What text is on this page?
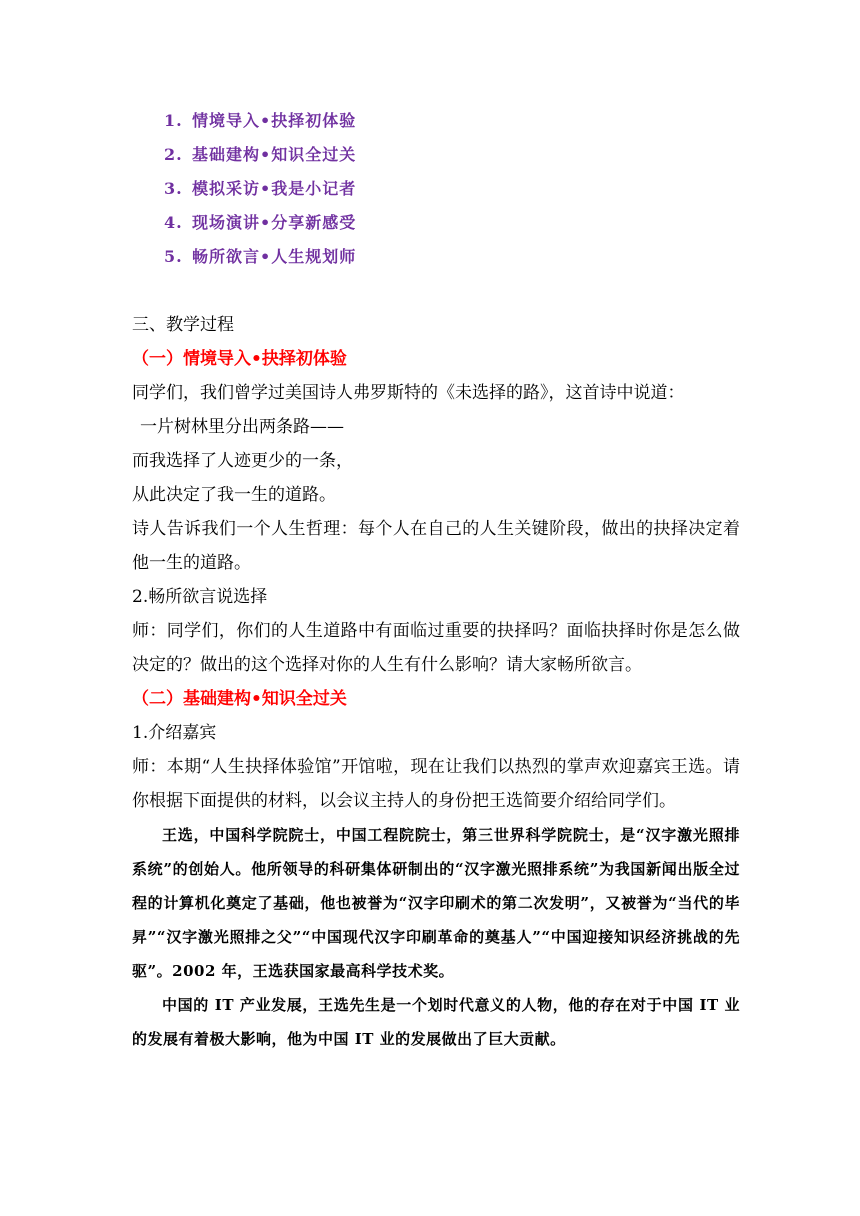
1. 情境导入•抉择初体验
2. 基础建构•知识全过关
3. 模拟采访•我是小记者
4. 现场演讲•分享新感受
5. 畅所欲言•人生规划师

三、教学过程

（一）情境导入•抉择初体验

同学们，我们曾学过美国诗人弗罗斯特的《未选择的路》，这首诗中说道：

一片树林里分出两条路——

而我选择了人迹更少的一条，

从此决定了我一生的道路。

诗人告诉我们一个人生哲理：每个人在自己的人生关键阶段，做出的抉择决定着他一生的道路。

2.畅所欲言说选择

师：同学们，你们的人生道路中有面临过重要的抉择吗？面临抉择时你是怎么做决定的？做出的这个选择对你的人生有什么影响？请大家畅所欲言。

（二）基础建构•知识全过关

1.介绍嘉宾

师：本期“人生抉择体验馆”开馆啦，现在让我们以热烈的掌声欢迎嘉宾王选。请你根据下面提供的材料，以会议主持人的身份把王选简要介绍给同学们。

王选，中国科学院院士，中国工程院院士，第三世界科学院院士，是“汉字激光照排系统”的创始人。他所领导的科研集体研制出的“汉字激光照排系统”为我国新闻出版全过程的计算机化奠定了基础，他也被誉为“汉字印刷术的第二次发明”，又被誉为“当代的毕昇”“汉字激光照排之父”“中国现代汉字印刷革命的奠基人”“中国迎接知识经济挑战的先驱”。2002 年，王选获国家最高科学技术奖。

中国的 IT 产业发展，王选先生是一个划时代意义的人物，他的存在对于中国 IT 业的发展有着极大影响，他为中国 IT 业的发展做出了巨大贡献。
